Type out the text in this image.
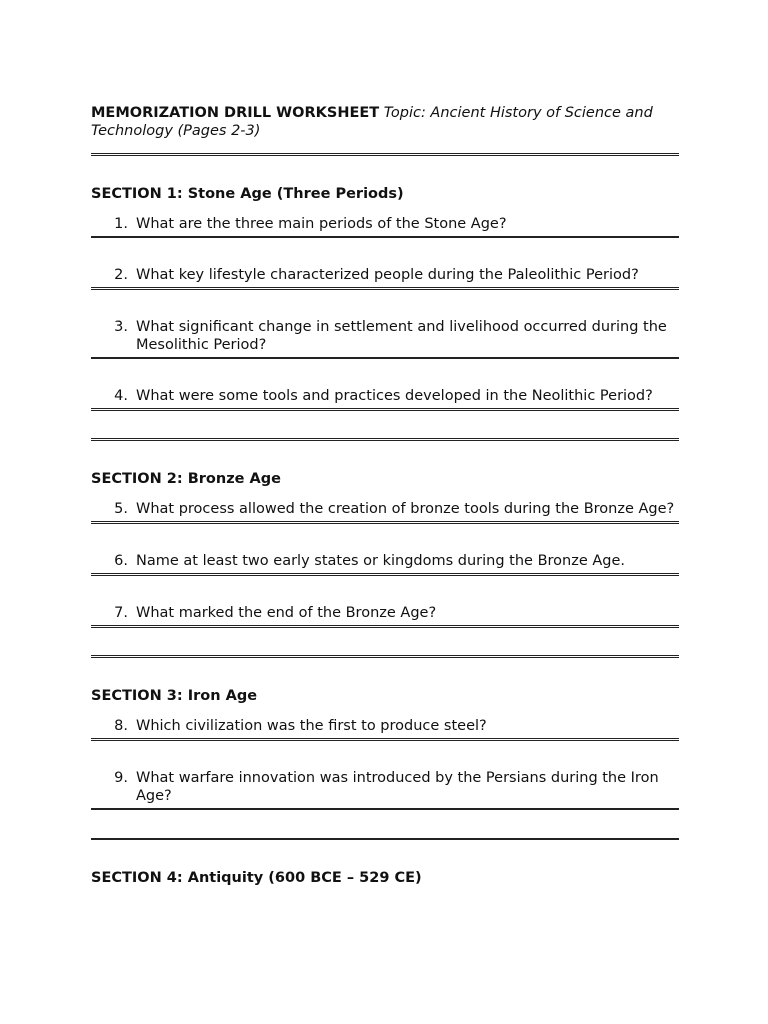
MEMORIZATION DRILL WORKSHEET Topic: Ancient History of Science and Technology (Pages 2-3)
SECTION 1: Stone Age (Three Periods)
1. What are the three main periods of the Stone Age?
2. What key lifestyle characterized people during the Paleolithic Period?
3. What significant change in settlement and livelihood occurred during the Mesolithic Period?
4. What were some tools and practices developed in the Neolithic Period?
SECTION 2: Bronze Age
5. What process allowed the creation of bronze tools during the Bronze Age?
6. Name at least two early states or kingdoms during the Bronze Age.
7. What marked the end of the Bronze Age?
SECTION 3: Iron Age
8. Which civilization was the first to produce steel?
9. What warfare innovation was introduced by the Persians during the Iron Age?
SECTION 4: Antiquity (600 BCE – 529 CE)
